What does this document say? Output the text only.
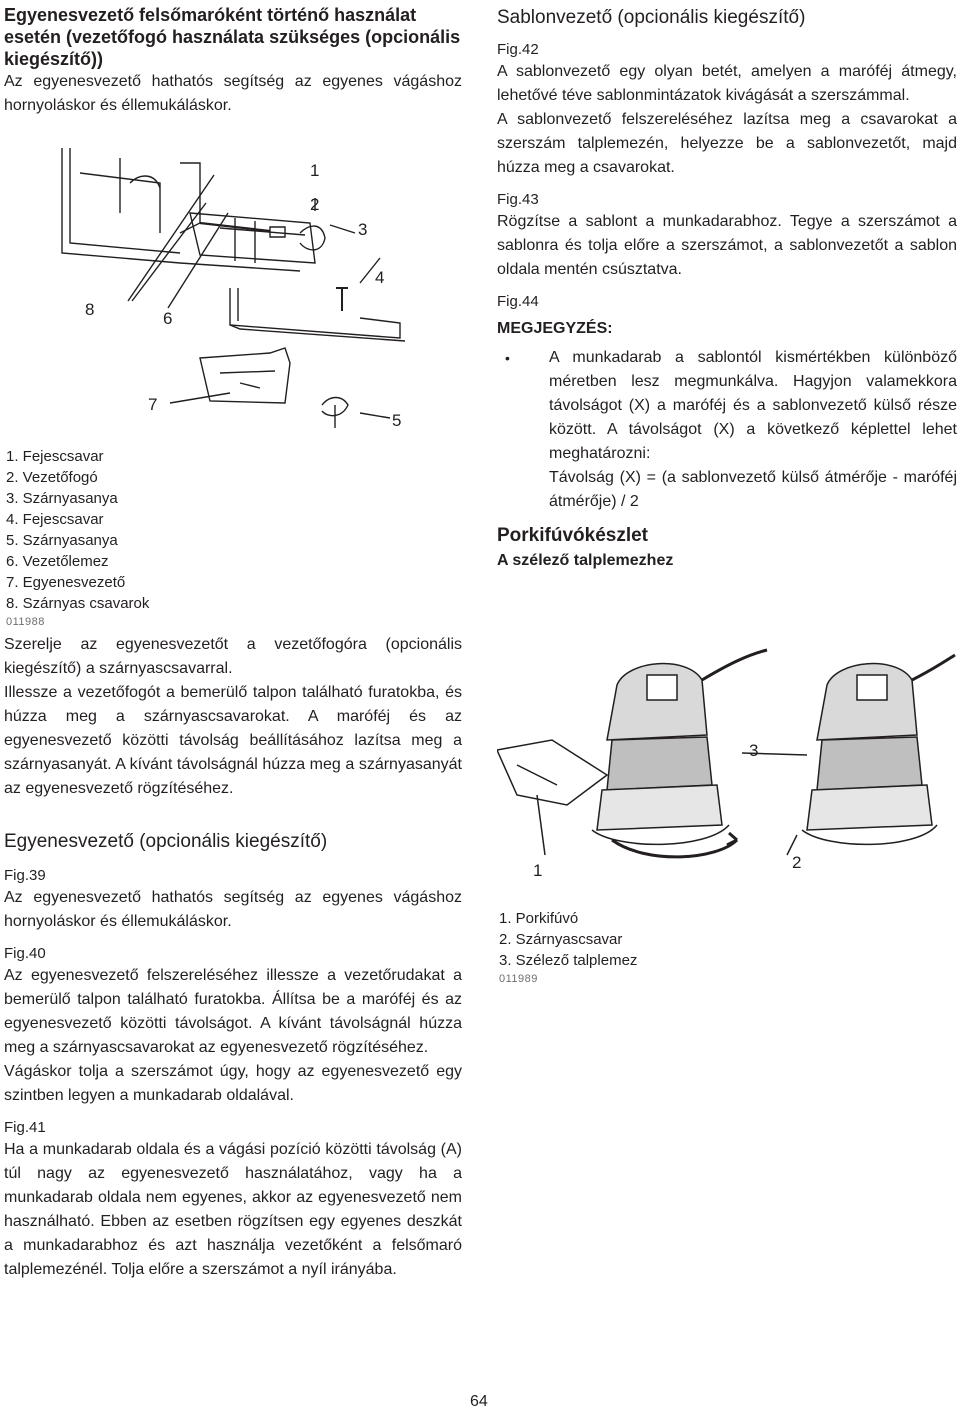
Egyenesvezető felsőmaróként történő használat esetén (vezetőfogó használata szükséges (opcionális kiegészítő))

Az egyenesvezető hathatós segítség az egyenes vágáshoz hornyoláskor és éllemukáláskor.

1. Fejescsavar
2. Vezetőfogó
3. Szárnyasanya
4. Fejescsavar
5. Szárnyasanya
6. Vezetőlemez
7. Egyenesvezető
8. Szárnyas csavarok
011988

Szerelje az egyenesvezetőt a vezetőfogóra (opcionális kiegészítő) a szárnyascsavarral.

Illessze a vezetőfogót a bemerülő talpon található furatokba, és húzza meg a szárnyascsavarokat. A maróféj és az egyenesvezető közötti távolság beállításához lazítsa meg a szárnyasanyát. A kívánt távolságnál húzza meg a szárnyasanyát az egyenesvezető rögzítéséhez.

Egyenesvezető (opcionális kiegészítő)
Fig.39

Az egyenesvezető hathatós segítség az egyenes vágáshoz hornyoláskor és éllemukáláskor.

Fig.40

Az egyenesvezető felszereléséhez illessze a vezetőrudakat a bemerülő talpon található furatokba. Állítsa be a maróféj és az egyenesvezető közötti távolságot. A kívánt távolságnál húzza meg a szárnyascsavarokat az egyenesvezető rögzítéséhez.

Vágáskor tolja a szerszámot úgy, hogy az egyenesvezető egy szintben legyen a munkadarab oldalával.

Fig.41

Ha a munkadarab oldala és a vágási pozíció közötti távolság (A) túl nagy az egyenesvezető használatához, vagy ha a munkadarab oldala nem egyenes, akkor az egyenesvezető nem használható. Ebben az esetben rögzítsen egy egyenes deszkát a munkadarabhoz és azt használja vezetőként a felsőmaró talplemezénél. Tolja előre a szerszámot a nyíl irányába.

1
2
3
4
5
6
7
8
Sablonvezető (opcionális kiegészítő)
Fig.42

A sablonvezető egy olyan betét, amelyen a maróféj átmegy, lehetővé téve sablonmintázatok kivágását a szerszámmal.

A sablonvezető felszereléséhez lazítsa meg a csavarokat a szerszám talplemezén, helyezze be a sablonvezetőt, majd húzza meg a csavarokat.

Fig.43

Rögzítse a sablont a munkadarabhoz. Tegye a szerszámot a sablonra és tolja előre a szerszámot, a sablonvezetőt a sablon oldala mentén csúsztatva.

Fig.44
MEGJEGYZÉS:
•	A munkadarab a sablontól kismértékben különböző méretben lesz megmunkálva. Hagyjon valamekkora távolságot (X) a maróféj és a sablonvezető külső része között. A távolságot (X) a következő képlettel lehet meghatározni:

Távolság (X) = (a sablonvezető külső átmérője - maróféj átmérője) / 2

Porkifúvókészlet
A szélező talplemezhez
1. Porkifúvó
2. Szárnyascsavar
3. Szélező talplemez
011989
1	2
3
64
